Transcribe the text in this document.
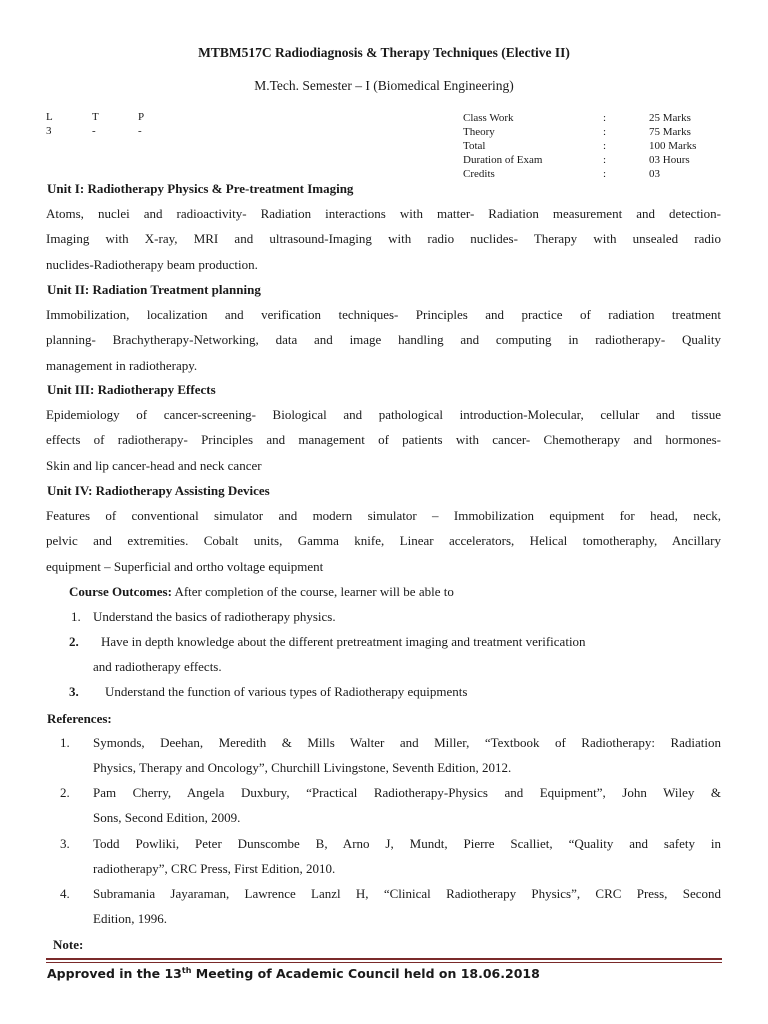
MTBM517C Radiodiagnosis & Therapy Techniques (Elective II)
M.Tech. Semester – I (Biomedical Engineering)
L	T	P
3	-	-
Class Work	:	25 Marks
Theory	:	75 Marks
Total	:	100 Marks
Duration of Exam	:	03 Hours
Credits	:	03
Unit I: Radiotherapy Physics & Pre-treatment Imaging
Atoms, nuclei and radioactivity- Radiation interactions with matter- Radiation measurement and detection-
Imaging with X-ray, MRI and ultrasound-Imaging with radio nuclides- Therapy with unsealed radio
nuclides-Radiotherapy beam production.
Unit II: Radiation Treatment planning
Immobilization, localization and verification techniques- Principles and practice of radiation treatment
planning- Brachytherapy-Networking, data and image handling and computing in radiotherapy- Quality
management in radiotherapy.
Unit III: Radiotherapy Effects
Epidemiology of cancer-screening- Biological and pathological introduction-Molecular, cellular and tissue
effects of radiotherapy- Principles and management of patients with cancer- Chemotherapy and hormones-
Skin and lip cancer-head and neck cancer
Unit IV: Radiotherapy Assisting Devices
Features of conventional simulator and modern simulator – Immobilization equipment for head, neck,
pelvic and extremities. Cobalt units, Gamma knife, Linear accelerators, Helical tomotheraphy, Ancillary
equipment – Superficial and ortho voltage equipment
Course Outcomes: After completion of the course, learner will be able to
1. Understand the basics of radiotherapy physics.
2. Have in depth knowledge about the different pretreatment imaging and treatment verification
and radiotherapy effects.
3. Understand the function of various types of Radiotherapy equipments
References:
1.	Symonds, Deehan, Meredith & Mills Walter and Miller, “Textbook of Radiotherapy: Radiation
Physics, Therapy and Oncology”, Churchill Livingstone, Seventh Edition, 2012.
2.	Pam Cherry, Angela Duxbury, “Practical Radiotherapy-Physics and Equipment”, John Wiley &
Sons, Second Edition, 2009.
3.	Todd Powliki, Peter Dunscombe B, Arno J, Mundt, Pierre Scalliet, “Quality and safety in
radiotherapy”, CRC Press, First Edition, 2010.
4.	Subramania Jayaraman, Lawrence Lanzl H, “Clinical Radiotherapy Physics”, CRC Press, Second
Edition, 1996.
Note:
Approved in the 13th Meeting of Academic Council held on 18.06.2018
